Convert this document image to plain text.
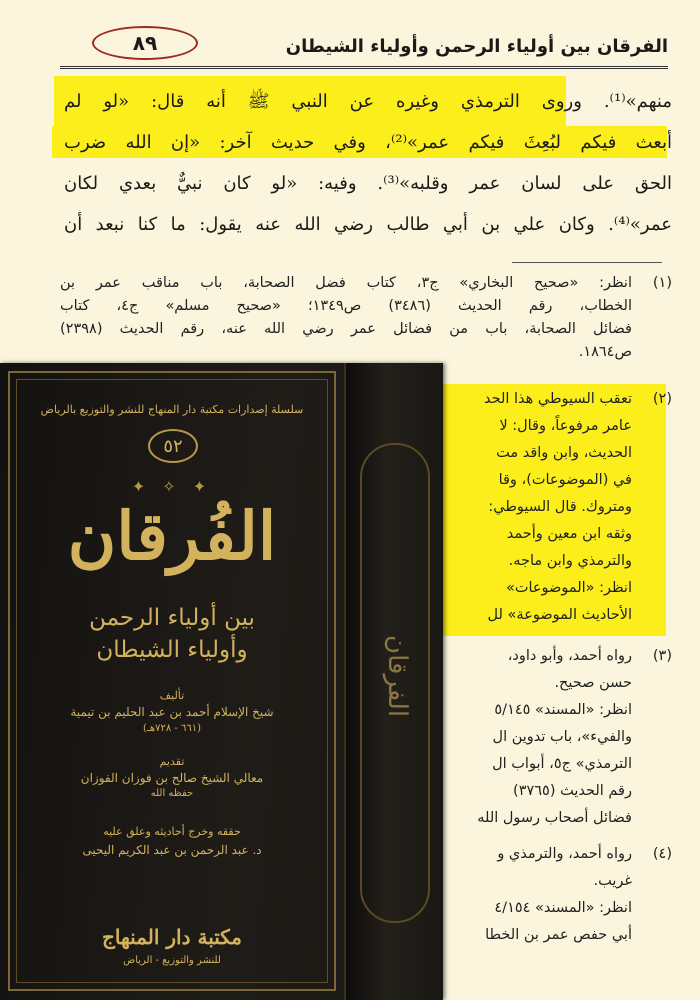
٨٩	الفرقان بين أولياء الرحمن وأولياء الشيطان
منهم»⁽¹⁾. وروى الترمذي وغيره عن النبي ﷺ أنه قال: «لو لم
أبعث فيكم لبُعِثَ فيكم عمر»⁽²⁾، وفي حديث آخر: «إن الله ضرب
الحق على لسان عمر وقلبه»⁽³⁾. وفيه: «لو كان نبيٌّ بعدي لكان
عمر»⁽⁴⁾. وكان علي بن أبي طالب رضي الله عنه يقول: ما كنا نبعد أن
(١)
انظر: «صحيح البخاري» ج٣، كتاب فضل الصحابة، باب مناقب عمر بن
الخطاب، رقم الحديث (٣٤٨٦) ص١٣٤٩؛ «صحيح مسلم» ج٤، كتاب
فضائل الصحابة، باب من فضائل عمر رضي الله عنه، رقم الحديث (٢٣٩٨)
ص١٨٦٤.
(٢)
تعقب السيوطي هذا الحد
عامر مرفوعاً، وقال: لا
الحديث، وابن واقد مت
في (الموضوعات)، وقا
ومتروك. قال السيوطي:
وثقه ابن معين وأحمد
والترمذي وابن ماجه.
انظر: «الموضوعات»
الأحاديث الموضوعة» لل
(٣)
رواه أحمد، وأبو داود،
حسن صحيح.
انظر: «المسند» ٥/١٤٥
والفيء»، باب تدوين ال
الترمذي» ج٥، أبواب ال
رقم الحديث (٣٧٦٥)
فضائل أصحاب رسول الله
(٤)
رواه أحمد، والترمذي و
غريب.
انظر: «المسند» ٤/١٥٤
أبي حفص عمر بن الخطا
سلسلة إصدارات مكتبة دار المنهاج للنشر والتوزيع بالرياض
٥٢
✦ ✧ ✦
الفُرقان
بين أولياء الرحمن
وأولياء الشيطان
تأليف
شيخ الإسلام أحمد بن عبد الحليم بن تيمية
(٦٦١ - ٧٢٨هـ)
تقديم
معالي الشيخ صالح بن فوزان الفوزان
حفظه الله
حققه وخرج أحاديثه وعلق عليه
د. عبد الرحمن بن عبد الكريم اليحيى
مكتبة دار المنهاج
للنشر والتوزيع - الرياض
الفرقان
